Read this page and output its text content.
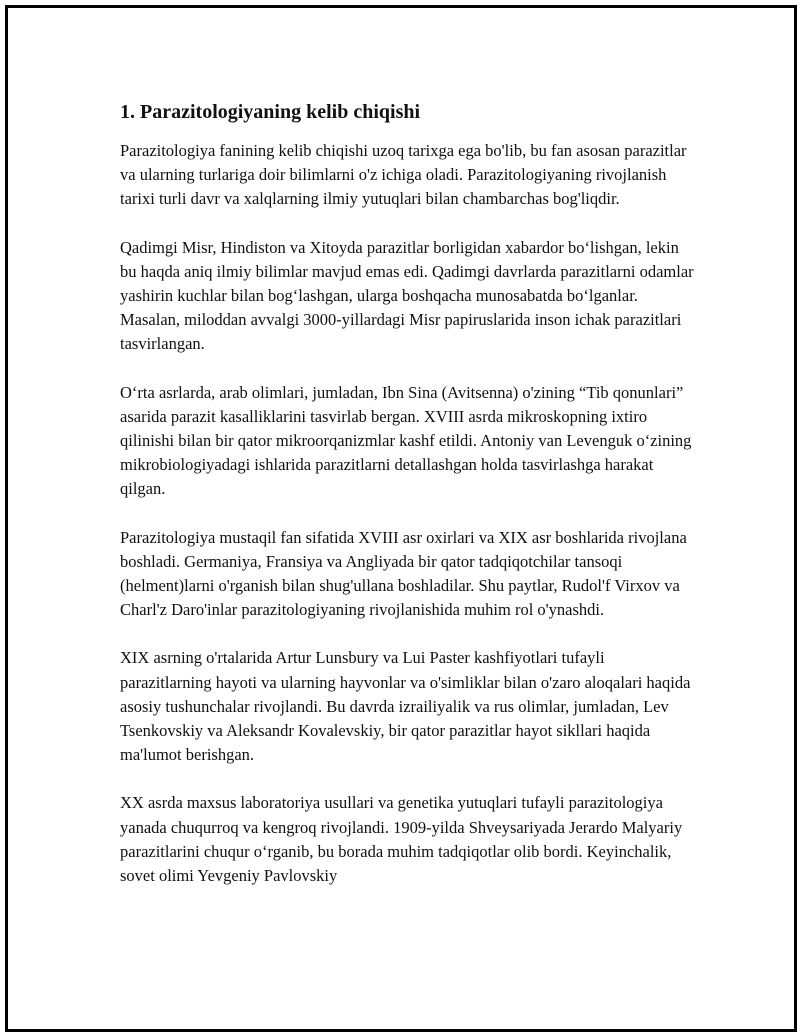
1. Parazitologiyaning kelib chiqishi

Parazitologiya fanining kelib chiqishi uzoq tarixga ega bo'lib, bu fan asosan parazitlar va ularning turlariga doir bilimlarni o'z ichiga oladi. Parazitologiyaning rivojlanish tarixi turli davr va xalqlarning ilmiy yutuqlari bilan chambarchas bog'liqdir.

Qadimgi Misr, Hindiston va Xitoyda parazitlar borligidan xabardor bo‘lishgan, lekin bu haqda aniq ilmiy bilimlar mavjud emas edi. Qadimgi davrlarda parazitlarni odamlar yashirin kuchlar bilan bog‘lashgan, ularga boshqacha munosabatda bo‘lganlar. Masalan, miloddan avvalgi 3000-yillardagi Misr papiruslarida inson ichak parazitlari tasvirlangan.

O‘rta asrlarda, arab olimlari, jumladan, Ibn Sina (Avitsenna) o'zining “Tib qonunlari” asarida parazit kasalliklarini tasvirlab bergan. XVIII asrda mikroskopning ixtiro qilinishi bilan bir qator mikroorqanizmlar kashf etildi. Antoniy van Levenguk o‘zining mikrobiologiyadagi ishlarida parazitlarni detallashgan holda tasvirlashga harakat qilgan.

Parazitologiya mustaqil fan sifatida XVIII asr oxirlari va XIX asr boshlarida rivojlana boshladi. Germaniya, Fransiya va Angliyada bir qator tadqiqotchilar tansoqi (helment)larni o'rganish bilan shug'ullana boshladilar. Shu paytlar, Rudol'f Virxov va Charl'z Daro'inlar parazitologiyaning rivojlanishida muhim rol o'ynashdi.

XIX asrning o'rtalarida Artur Lunsbury va Lui Paster kashfiyotlari tufayli parazitlarning hayoti va ularning hayvonlar va o'simliklar bilan o'zaro aloqalari haqida asosiy tushunchalar rivojlandi. Bu davrda izrailiyalik va rus olimlar, jumladan, Lev Tsenkovskiy va Aleksandr Kovalevskiy, bir qator parazitlar hayot sikllari haqida ma'lumot berishgan.

XX asrda maxsus laboratoriya usullari va genetika yutuqlari tufayli parazitologiya yanada chuqurroq va kengroq rivojlandi. 1909-yilda Shveysariyada Jerardo Malyariy parazitlarini chuqur o‘rganib, bu borada muhim tadqiqotlar olib bordi. Keyinchalik, sovet olimi Yevgeniy Pavlovskiy
